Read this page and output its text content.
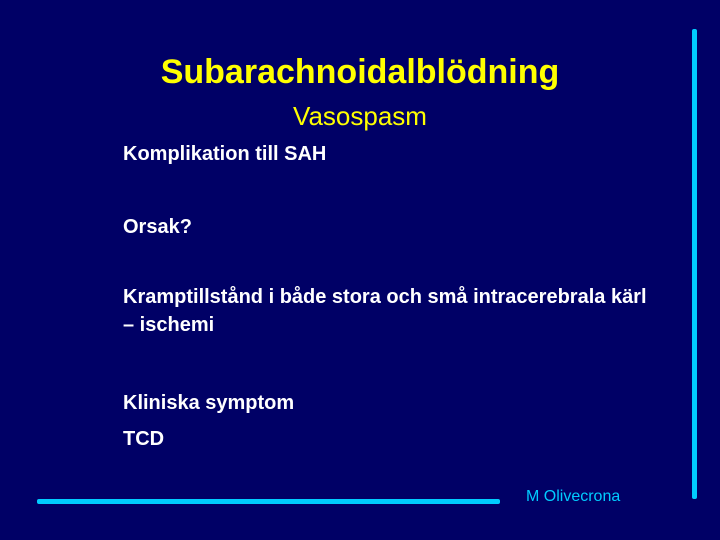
Subarachnoidalblödning
Vasospasm
Komplikation till SAH
Orsak?
Kramptillstånd i både stora och små intracerebrala kärl – ischemi
Kliniska symptom
TCD
M Olivecrona
